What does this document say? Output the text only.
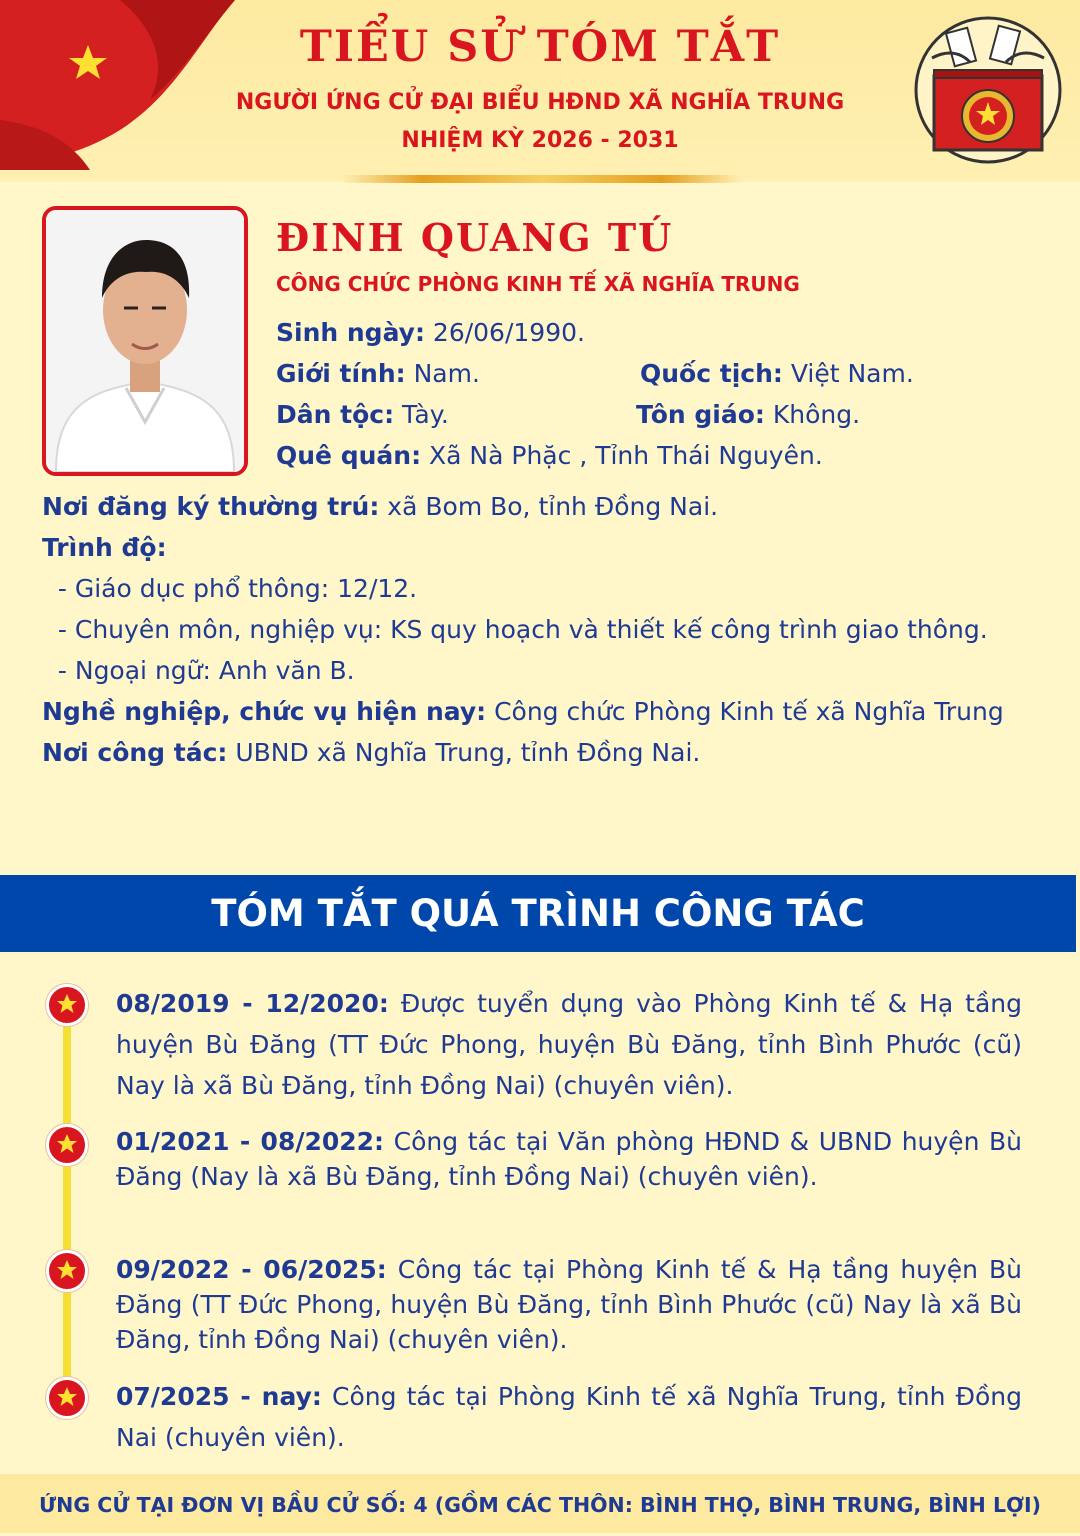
TIỂU SỬ TÓM TẮT
NGƯỜI ỨNG CỬ ĐẠI BIỂU HĐND XÃ NGHĨA TRUNG
NHIỆM KỲ 2026 - 2031
ĐINH QUANG TÚ
CÔNG CHỨC PHÒNG KINH TẾ XÃ NGHĨA TRUNG
Sinh ngày: 26/06/1990.
Giới tính: Nam.	Quốc tịch: Việt Nam.
Dân tộc: Tày.	Tôn giáo: Không.
Quê quán: Xã Nà Phặc , Tỉnh Thái Nguyên.
Nơi đăng ký thường trú: xã Bom Bo, tỉnh Đồng Nai.
Trình độ:
- Giáo dục phổ thông: 12/12.
- Chuyên môn, nghiệp vụ: KS quy hoạch và thiết kế công trình giao thông.
- Ngoại ngữ: Anh văn B.
Nghề nghiệp, chức vụ hiện nay: Công chức Phòng Kinh tế xã Nghĩa Trung
Nơi công tác: UBND xã Nghĩa Trung, tỉnh Đồng Nai.
TÓM TẮT QUÁ TRÌNH CÔNG TÁC
08/2019 - 12/2020: Được tuyển dụng vào Phòng Kinh tế & Hạ tầng huyện Bù Đăng (TT Đức Phong, huyện Bù Đăng, tỉnh Bình Phước (cũ) Nay là xã Bù Đăng, tỉnh Đồng Nai) (chuyên viên).
01/2021 - 08/2022: Công tác tại Văn phòng HĐND & UBND huyện Bù Đăng (Nay là xã Bù Đăng, tỉnh Đồng Nai) (chuyên viên).
09/2022 - 06/2025: Công tác tại Phòng Kinh tế & Hạ tầng huyện Bù Đăng (TT Đức Phong, huyện Bù Đăng, tỉnh Bình Phước (cũ) Nay là xã Bù Đăng, tỉnh Đồng Nai) (chuyên viên).
07/2025 - nay: Công tác tại Phòng Kinh tế xã Nghĩa Trung, tỉnh Đồng Nai (chuyên viên).
ỨNG CỬ TẠI ĐƠN VỊ BẦU CỬ SỐ: 4 (GỒM CÁC THÔN: BÌNH THỌ, BÌNH TRUNG, BÌNH LỢI)
